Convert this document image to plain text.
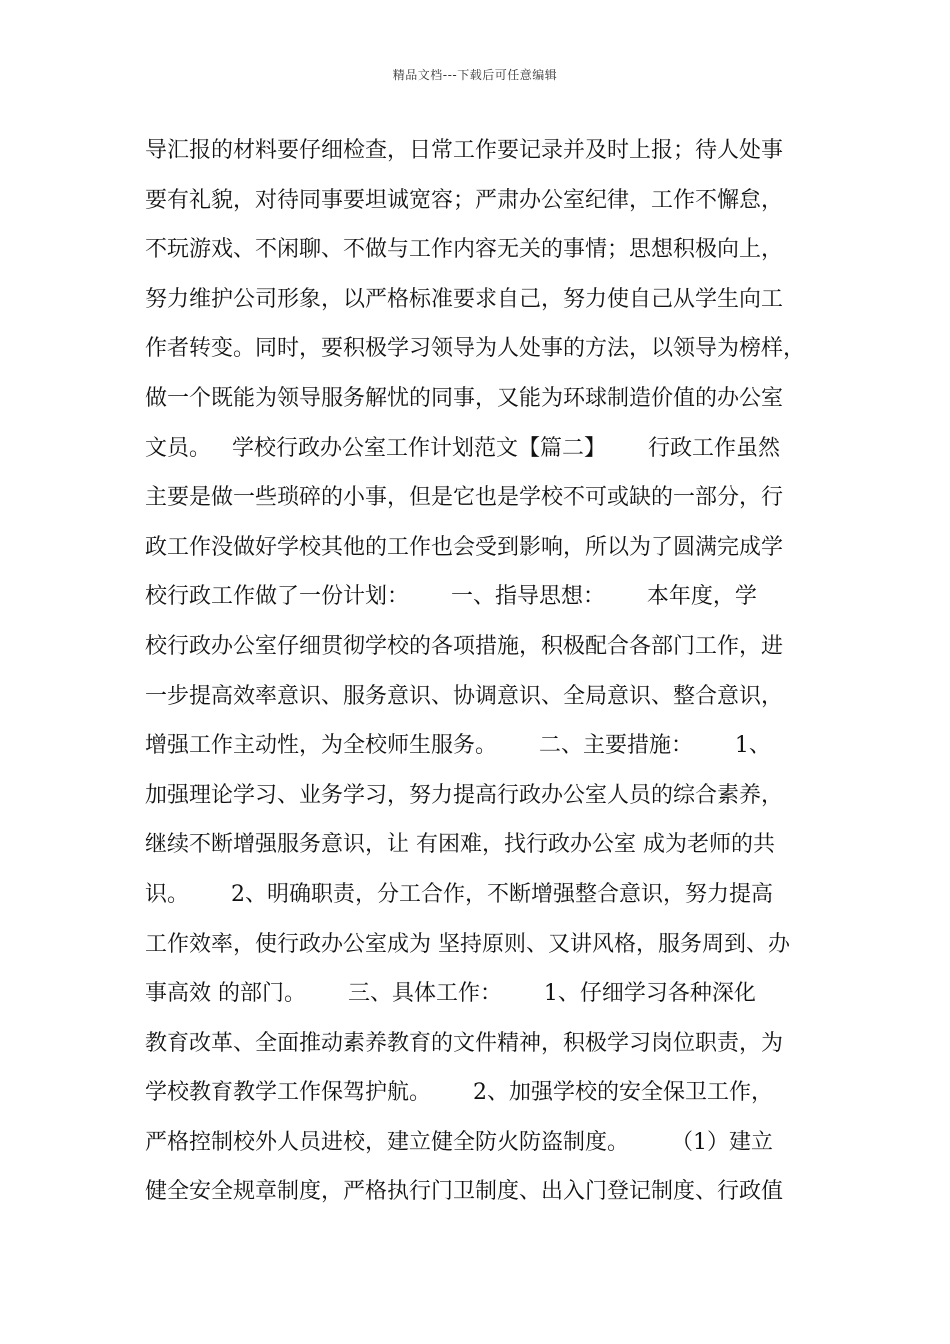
精品文档---下载后可任意编辑
导汇报的材料要仔细检查，日常工作要记录并及时上报；待人处事
要有礼貌，对待同事要坦诚宽容；严肃办公室纪律，工作不懈怠，
不玩游戏、不闲聊、不做与工作内容无关的事情；思想积极向上，
努力维护公司形象，以严格标准要求自己，努力使自己从学生向工
作者转变。同时，要积极学习领导为人处事的方法，以领导为榜样，
做一个既能为领导服务解忧的同事，又能为环球制造价值的办公室
文员。   学校行政办公室工作计划范文【篇二】      行政工作虽然
主要是做一些琐碎的小事，但是它也是学校不可或缺的一部分，行
政工作没做好学校其他的工作也会受到影响，所以为了圆满完成学
校行政工作做了一份计划：      一、指导思想：      本年度，学
校行政办公室仔细贯彻学校的各项措施，积极配合各部门工作，进
一步提高效率意识、服务意识、协调意识、全局意识、整合意识，
增强工作主动性，为全校师生服务。      二、主要措施：      1、
加强理论学习、业务学习，努力提高行政办公室人员的综合素养，
继续不断增强服务意识，让 有困难，找行政办公室 成为老师的共
识。      2、明确职责，分工合作，不断增强整合意识，努力提高
工作效率，使行政办公室成为 坚持原则、又讲风格，服务周到、办
事高效 的部门。      三、具体工作：      1、仔细学习各种深化
教育改革、全面推动素养教育的文件精神，积极学习岗位职责，为
学校教育教学工作保驾护航。      2、加强学校的安全保卫工作，
严格控制校外人员进校，建立健全防火防盗制度。      （1）建立
健全安全规章制度，严格执行门卫制度、出入门登记制度、行政值
